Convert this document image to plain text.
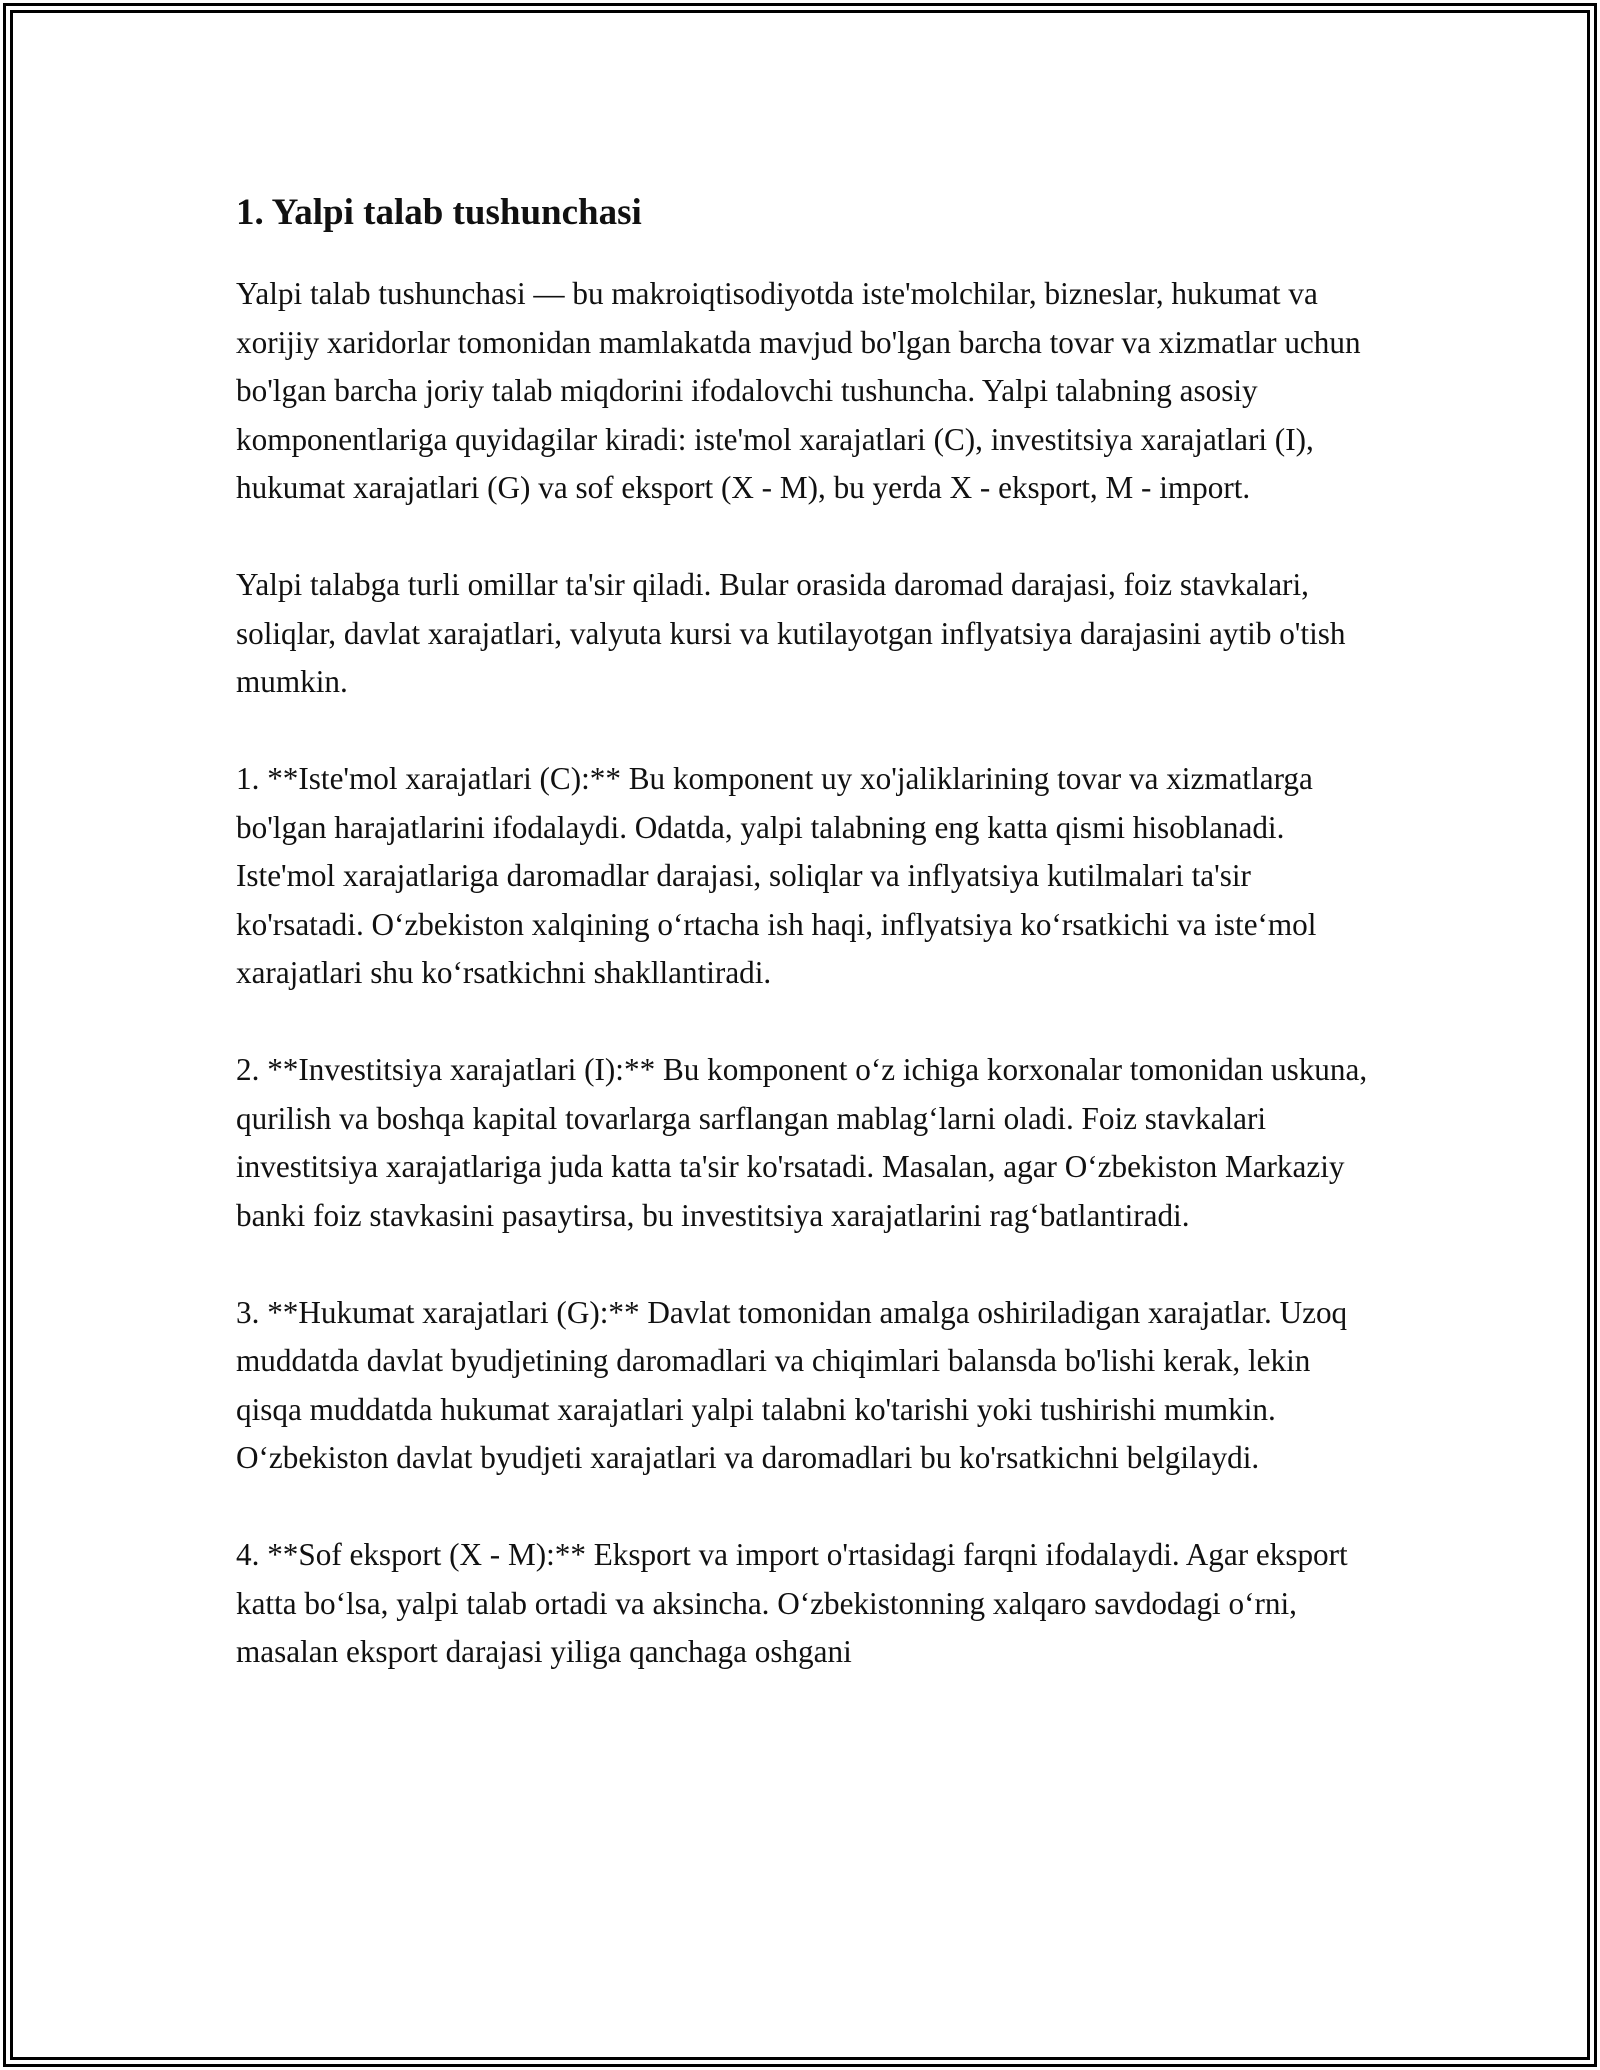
1. Yalpi talab tushunchasi

Yalpi talab tushunchasi — bu makroiqtisodiyotda iste'molchilar, bizneslar, hukumat va xorijiy xaridorlar tomonidan mamlakatda mavjud bo'lgan barcha tovar va xizmatlar uchun bo'lgan barcha joriy talab miqdorini ifodalovchi tushuncha. Yalpi talabning asosiy komponentlariga quyidagilar kiradi: iste'mol xarajatlari (C), investitsiya xarajatlari (I), hukumat xarajatlari (G) va sof eksport (X - M), bu yerda X - eksport, M - import.

Yalpi talabga turli omillar ta'sir qiladi. Bular orasida daromad darajasi, foiz stavkalari, soliqlar, davlat xarajatlari, valyuta kursi va kutilayotgan inflyatsiya darajasini aytib o'tish mumkin.

1. **Iste'mol xarajatlari (C):** Bu komponent uy xo'jaliklarining tovar va xizmatlarga bo'lgan harajatlarini ifodalaydi. Odatda, yalpi talabning eng katta qismi hisoblanadi. Iste'mol xarajatlariga daromadlar darajasi, soliqlar va inflyatsiya kutilmalari ta'sir ko'rsatadi. O‘zbekiston xalqining o‘rtacha ish haqi, inflyatsiya ko‘rsatkichi va iste‘mol xarajatlari shu ko‘rsatkichni shakllantiradi.

2. **Investitsiya xarajatlari (I):** Bu komponent o‘z ichiga korxonalar tomonidan uskuna, qurilish va boshqa kapital tovarlarga sarflangan mablag‘larni oladi. Foiz stavkalari investitsiya xarajatlariga juda katta ta'sir ko'rsatadi. Masalan, agar O‘zbekiston Markaziy banki foiz stavkasini pasaytirsa, bu investitsiya xarajatlarini rag‘batlantiradi.

3. **Hukumat xarajatlari (G):** Davlat tomonidan amalga oshiriladigan xarajatlar. Uzoq muddatda davlat byudjetining daromadlari va chiqimlari balansda bo'lishi kerak, lekin qisqa muddatda hukumat xarajatlari yalpi talabni ko'tarishi yoki tushirishi mumkin. O‘zbekiston davlat byudjeti xarajatlari va daromadlari bu ko'rsatkichni belgilaydi.

4. **Sof eksport (X - M):** Eksport va import o'rtasidagi farqni ifodalaydi. Agar eksport katta bo‘lsa, yalpi talab ortadi va aksincha. O‘zbekistonning xalqaro savdodagi o‘rni, masalan eksport darajasi yiliga qanchaga oshgani
